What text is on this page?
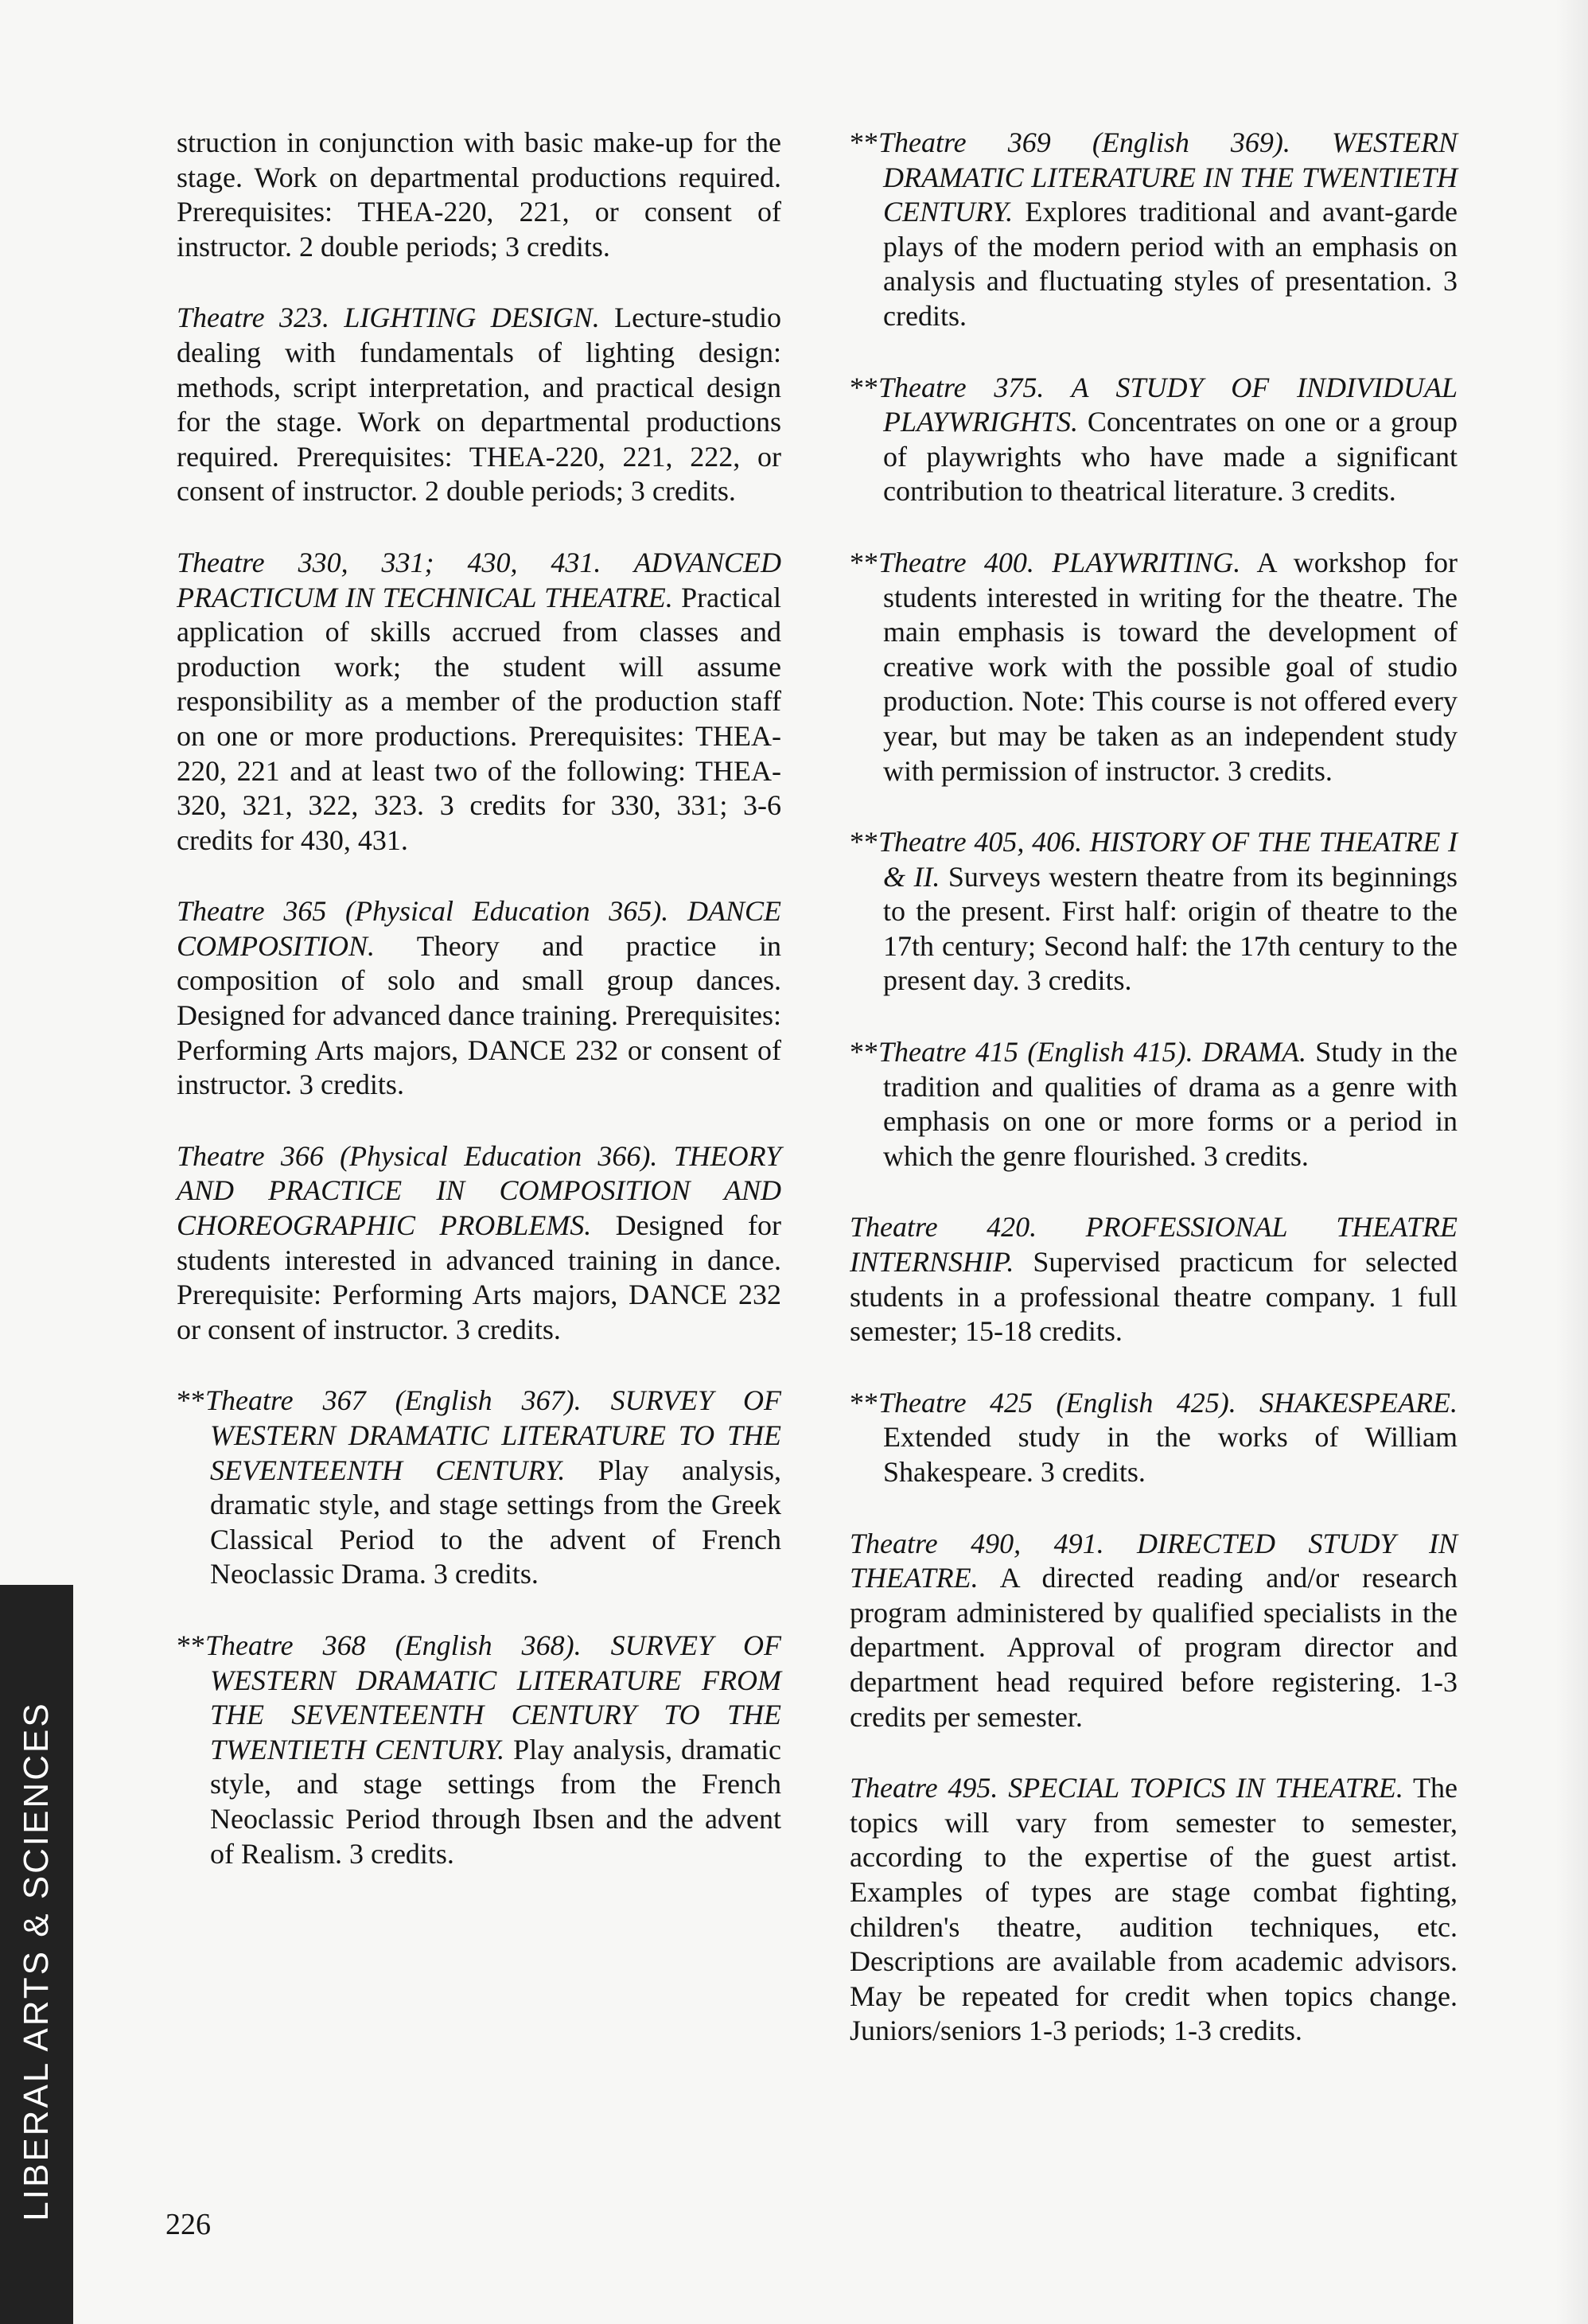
LIBERAL ARTS & SCIENCES

struction in conjunction with basic make-up for the stage. Work on departmental productions required. Prerequisites: THEA-220, 221, or consent of instructor. 2 double periods; 3 credits.

Theatre 323. LIGHTING DESIGN. Lecture-studio dealing with fundamentals of lighting design: methods, script interpretation, and practical design for the stage. Work on departmental productions required. Prerequisites: THEA-220, 221, 222, or consent of instructor. 2 double periods; 3 credits.

Theatre 330, 331; 430, 431. ADVANCED PRACTICUM IN TECHNICAL THEATRE. Practical application of skills accrued from classes and production work; the student will assume responsibility as a member of the production staff on one or more productions. Prerequisites: THEA-220, 221 and at least two of the following: THEA-320, 321, 322, 323. 3 credits for 330, 331; 3-6 credits for 430, 431.

Theatre 365 (Physical Education 365). DANCE COMPOSITION. Theory and practice in composition of solo and small group dances. Designed for advanced dance training. Prerequisites: Performing Arts majors, DANCE 232 or consent of instructor. 3 credits.

Theatre 366 (Physical Education 366). THEORY AND PRACTICE IN COMPOSITION AND CHOREOGRAPHIC PROBLEMS. Designed for students interested in advanced training in dance. Prerequisite: Performing Arts majors, DANCE 232 or consent of instructor. 3 credits.

**Theatre 367 (English 367). SURVEY OF WESTERN DRAMATIC LITERATURE TO THE SEVENTEENTH CENTURY. Play analysis, dramatic style, and stage settings from the Greek Classical Period to the advent of French Neoclassic Drama. 3 credits.

**Theatre 368 (English 368). SURVEY OF WESTERN DRAMATIC LITERATURE FROM THE SEVENTEENTH CENTURY TO THE TWENTIETH CENTURY. Play analysis, dramatic style, and stage settings from the French Neoclassic Period through Ibsen and the advent of Realism. 3 credits.

**Theatre 369 (English 369). WESTERN DRAMATIC LITERATURE IN THE TWENTIETH CENTURY. Explores traditional and avant-garde plays of the modern period with an emphasis on analysis and fluctuating styles of presentation. 3 credits.

**Theatre 375. A STUDY OF INDIVIDUAL PLAYWRIGHTS. Concentrates on one or a group of playwrights who have made a significant contribution to theatrical literature. 3 credits.

**Theatre 400. PLAYWRITING. A workshop for students interested in writing for the theatre. The main emphasis is toward the development of creative work with the possible goal of studio production. Note: This course is not offered every year, but may be taken as an independent study with permission of instructor. 3 credits.

**Theatre 405, 406. HISTORY OF THE THEATRE I & II. Surveys western theatre from its beginnings to the present. First half: origin of theatre to the 17th century; Second half: the 17th century to the present day. 3 credits.

**Theatre 415 (English 415). DRAMA. Study in the tradition and qualities of drama as a genre with emphasis on one or more forms or a period in which the genre flourished. 3 credits.

Theatre 420. PROFESSIONAL THEATRE INTERNSHIP. Supervised practicum for selected students in a professional theatre company. 1 full semester; 15-18 credits.

**Theatre 425 (English 425). SHAKESPEARE. Extended study in the works of William Shakespeare. 3 credits.

Theatre 490, 491. DIRECTED STUDY IN THEATRE. A directed reading and/or research program administered by qualified specialists in the department. Approval of program director and department head required before registering. 1-3 credits per semester.

Theatre 495. SPECIAL TOPICS IN THEATRE. The topics will vary from semester to semester, according to the expertise of the guest artist. Examples of types are stage combat fighting, children's theatre, audition techniques, etc. Descriptions are available from academic advisors. May be repeated for credit when topics change. Juniors/seniors 1-3 periods; 1-3 credits.

226
